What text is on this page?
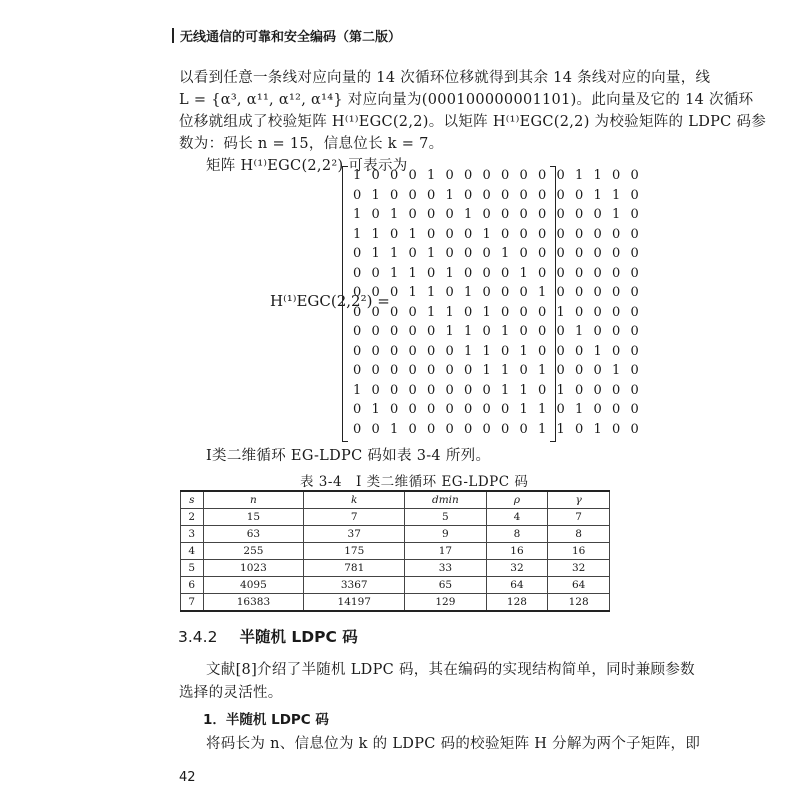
无线通信的可靠和安全编码（第二版）
以看到任意一条线对应向量的 14 次循环位移就得到其余 14 条线对应的向量，线
L = {α³, α¹¹, α¹², α¹⁴} 对应向量为(000100000001101)。此向量及它的 14 次循环
位移就组成了校验矩阵 H⁽¹⁾EGC(2,2)。以矩阵 H⁽¹⁾EGC(2,2) 为校验矩阵的 LDPC 码参
数为：码长 n = 15，信息位长 k = 7。
矩阵 H⁽¹⁾EGC(2,2²) 可表示为
H⁽¹⁾EGC(2,2²) =
1 0 0 0 1 0 0 0 0 0 0 0 1 1 0 0
0 1 0 0 0 1 0 0 0 0 0 0 0 1 1 0
1 0 1 0 0 0 1 0 0 0 0 0 0 0 1 0
1 1 0 1 0 0 0 1 0 0 0 0 0 0 0 0
0 1 1 0 1 0 0 0 1 0 0 0 0 0 0 0
0 0 1 1 0 1 0 0 0 1 0 0 0 0 0 0
0 0 0 1 1 0 1 0 0 0 1 0 0 0 0 0
0 0 0 0 1 1 0 1 0 0 0 1 0 0 0 0
0 0 0 0 0 1 1 0 1 0 0 0 1 0 0 0
0 0 0 0 0 0 1 1 0 1 0 0 0 1 0 0
0 0 0 0 0 0 0 1 1 0 1 0 0 0 1 0
1 0 0 0 0 0 0 0 1 1 0 1 0 0 0 0
0 1 0 0 0 0 0 0 0 1 1 0 1 0 0 0
0 0 1 0 0 0 0 0 0 0 1 1 0 1 0 0
I类二维循环 EG-LDPC 码如表 3-4 所列。
表 3-4　I 类二维循环 EG-LDPC 码
s	n	k	dmin	ρ	γ
2	15	7	5	4	7
3	63	37	9	8	8
4	255	175	17	16	16
5	1023	781	33	32	32
6	4095	3367	65	64	64
7	16383	14197	129	128	128
3.4.2 半随机 LDPC 码
文献[8]介绍了半随机 LDPC 码，其在编码的实现结构简单，同时兼顾参数
选择的灵活性。
1．半随机 LDPC 码
将码长为 n、信息位为 k 的 LDPC 码的校验矩阵 H 分解为两个子矩阵，即
42
